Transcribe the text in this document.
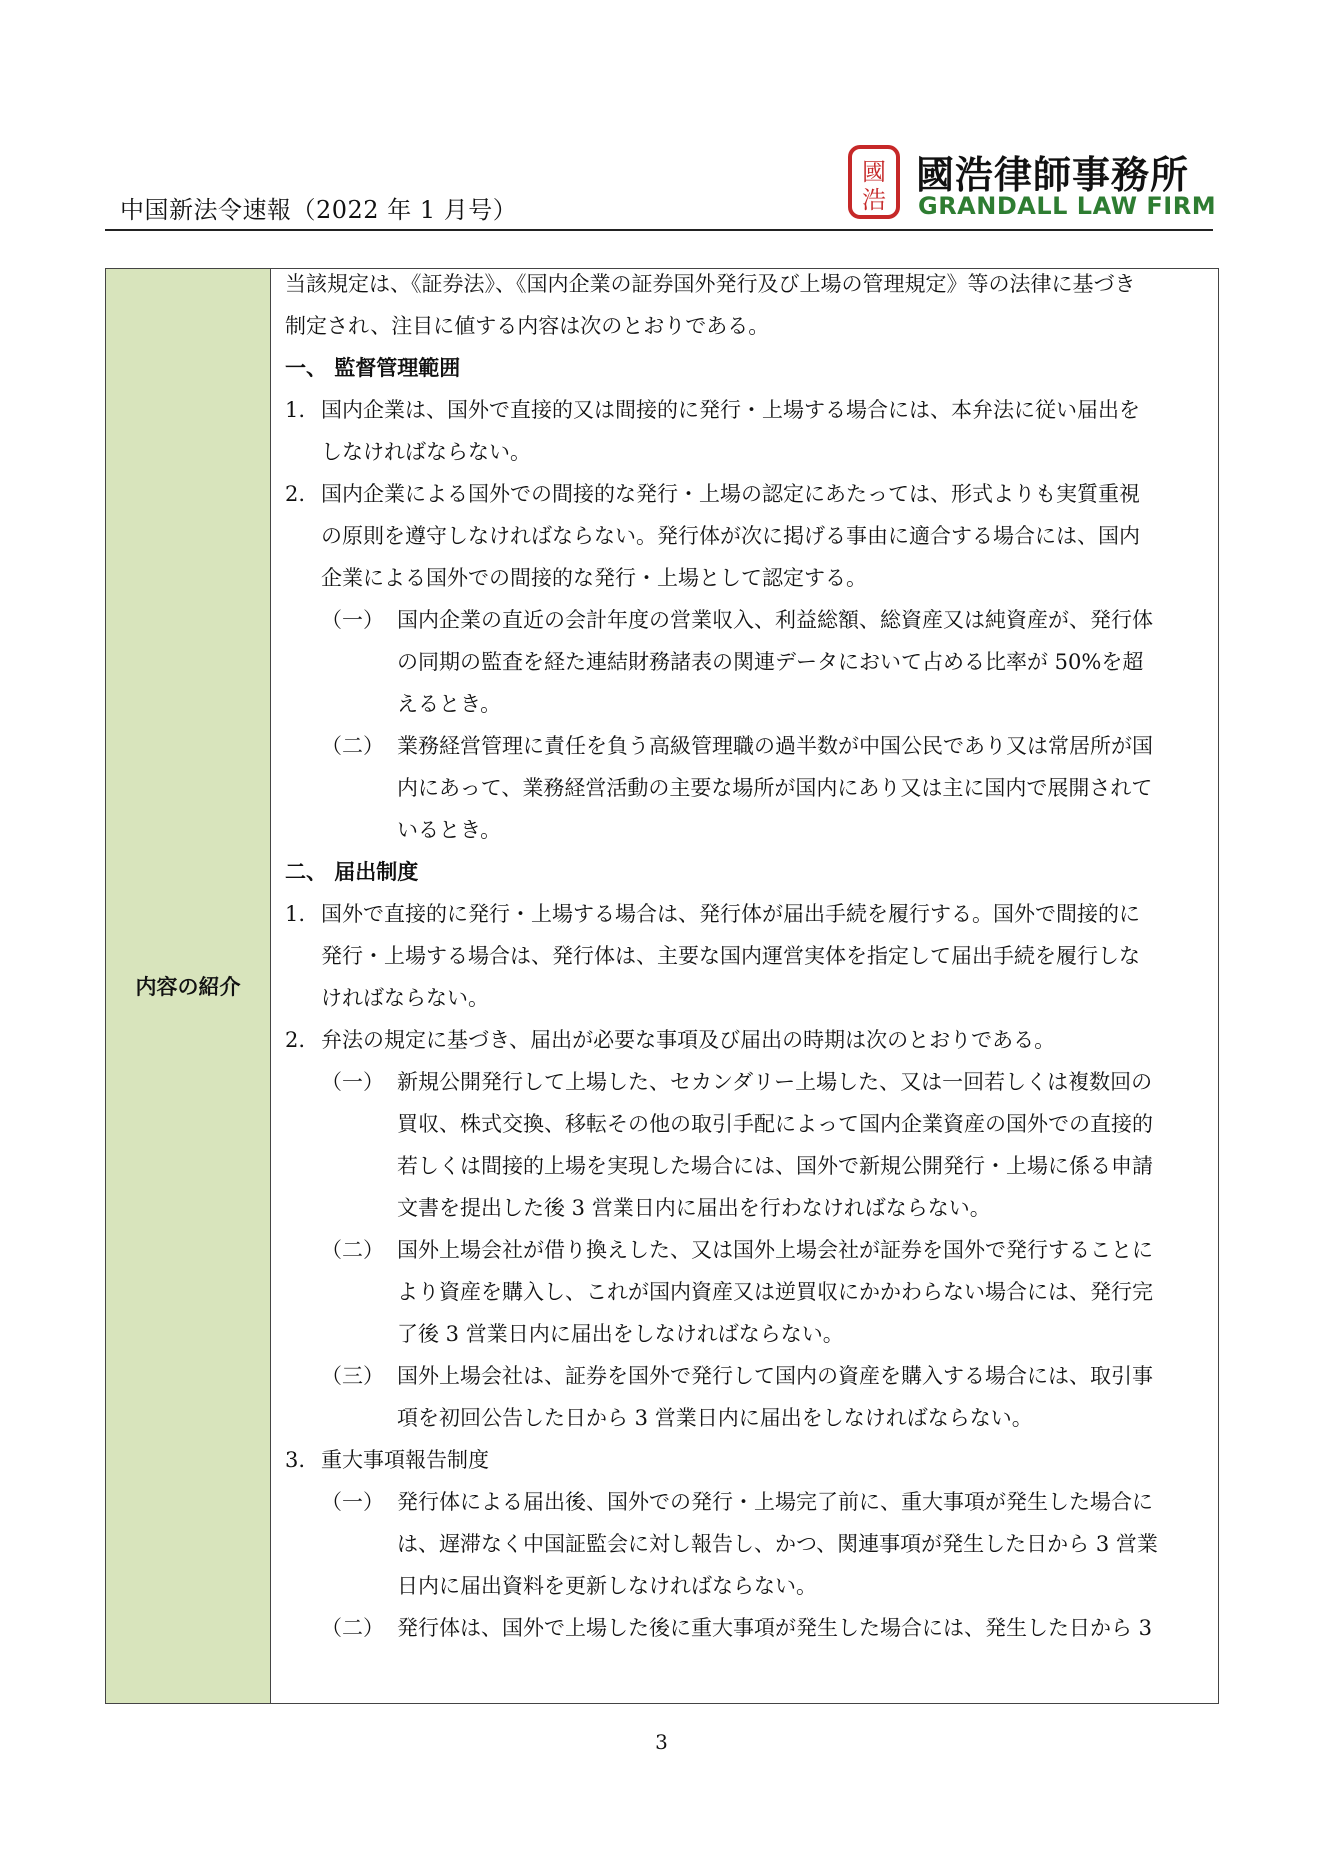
中国新法令速報（2022 年 1 月号）
國
浩
國浩律師事務所
GRANDALL LAW FIRM
内容の紹介
当該規定は、《証券法》、《国内企業の証券国外発行及び上場の管理規定》等の法律に基づき
制定され、注目に値する内容は次のとおりである。
一、 監督管理範囲
1. 国内企業は、国外で直接的又は間接的に発行・上場する場合には、本弁法に従い届出を
しなければならない。
2. 国内企業による国外での間接的な発行・上場の認定にあたっては、形式よりも実質重視
の原則を遵守しなければならない。発行体が次に掲げる事由に適合する場合には、国内
企業による国外での間接的な発行・上場として認定する。
（一） 国内企業の直近の会計年度の営業収入、利益総額、総資産又は純資産が、発行体
の同期の監査を経た連結財務諸表の関連データにおいて占める比率が 50%を超
えるとき。
（二） 業務経営管理に責任を負う高級管理職の過半数が中国公民であり又は常居所が国
内にあって、業務経営活動の主要な場所が国内にあり又は主に国内で展開されて
いるとき。
二、 届出制度
1. 国外で直接的に発行・上場する場合は、発行体が届出手続を履行する。国外で間接的に
発行・上場する場合は、発行体は、主要な国内運営実体を指定して届出手続を履行しな
ければならない。
2. 弁法の規定に基づき、届出が必要な事項及び届出の時期は次のとおりである。
（一） 新規公開発行して上場した、セカンダリー上場した、又は一回若しくは複数回の
買収、株式交換、移転その他の取引手配によって国内企業資産の国外での直接的
若しくは間接的上場を実現した場合には、国外で新規公開発行・上場に係る申請
文書を提出した後 3 営業日内に届出を行わなければならない。
（二） 国外上場会社が借り換えした、又は国外上場会社が証券を国外で発行することに
より資産を購入し、これが国内資産又は逆買収にかかわらない場合には、発行完
了後 3 営業日内に届出をしなければならない。
（三） 国外上場会社は、証券を国外で発行して国内の資産を購入する場合には、取引事
項を初回公告した日から 3 営業日内に届出をしなければならない。
3. 重大事項報告制度
（一） 発行体による届出後、国外での発行・上場完了前に、重大事項が発生した場合に
は、遅滞なく中国証監会に対し報告し、かつ、関連事項が発生した日から 3 営業
日内に届出資料を更新しなければならない。
（二） 発行体は、国外で上場した後に重大事項が発生した場合には、発生した日から 3
3
